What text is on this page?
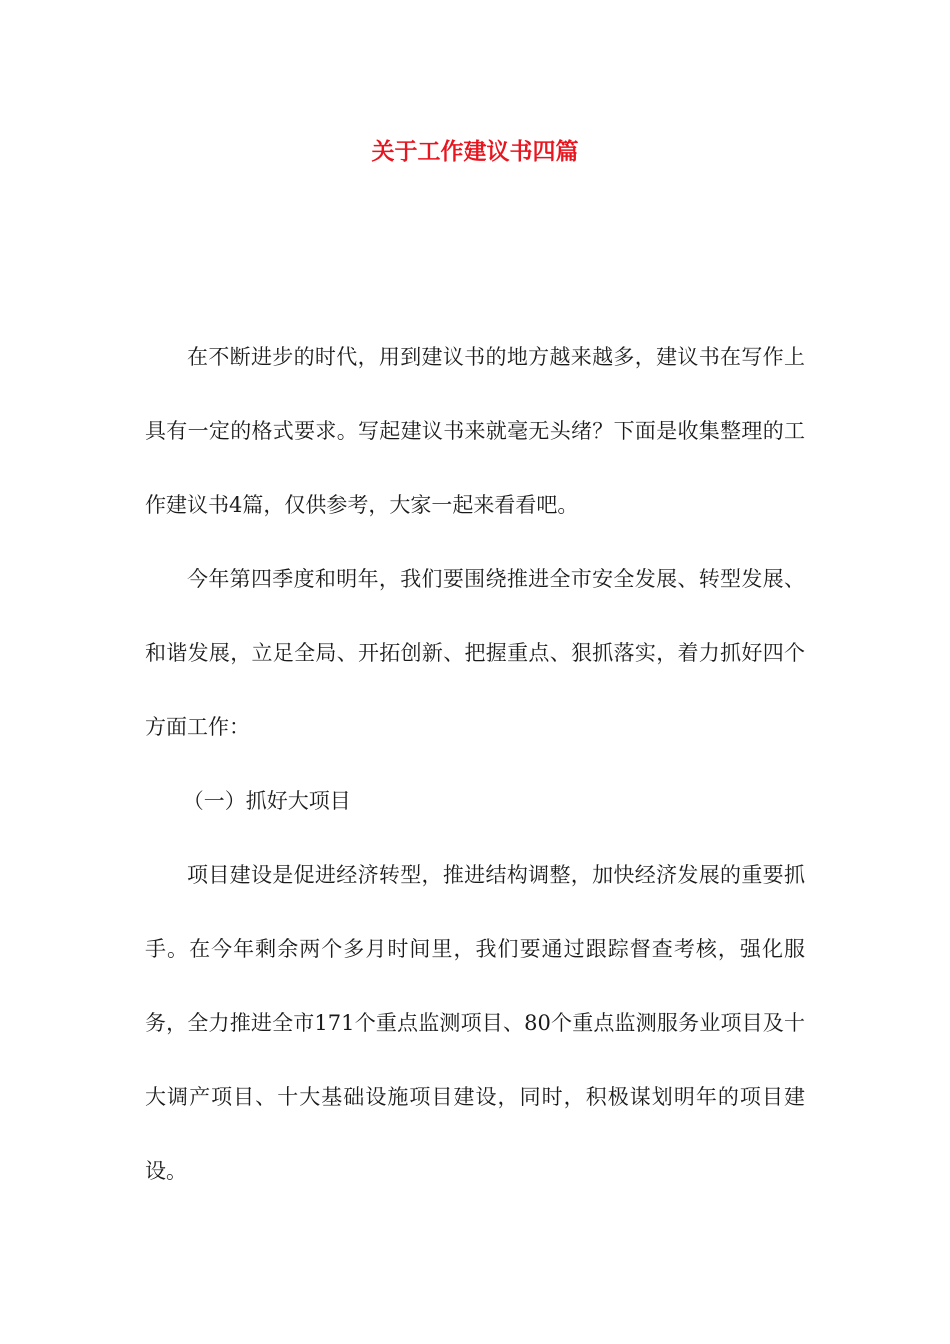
关于工作建议书四篇

在不断进步的时代，用到建议书的地方越来越多，建议书在写作上具有一定的格式要求。写起建议书来就毫无头绪？下面是收集整理的工作建议书4篇，仅供参考，大家一起来看看吧。

今年第四季度和明年，我们要围绕推进全市安全发展、转型发展、和谐发展，立足全局、开拓创新、把握重点、狠抓落实，着力抓好四个方面工作：

（一）抓好大项目

项目建设是促进经济转型，推进结构调整，加快经济发展的重要抓手。在今年剩余两个多月时间里，我们要通过跟踪督查考核，强化服务，全力推进全市171个重点监测项目、80个重点监测服务业项目及十大调产项目、十大基础设施项目建设，同时，积极谋划明年的项目建设。
